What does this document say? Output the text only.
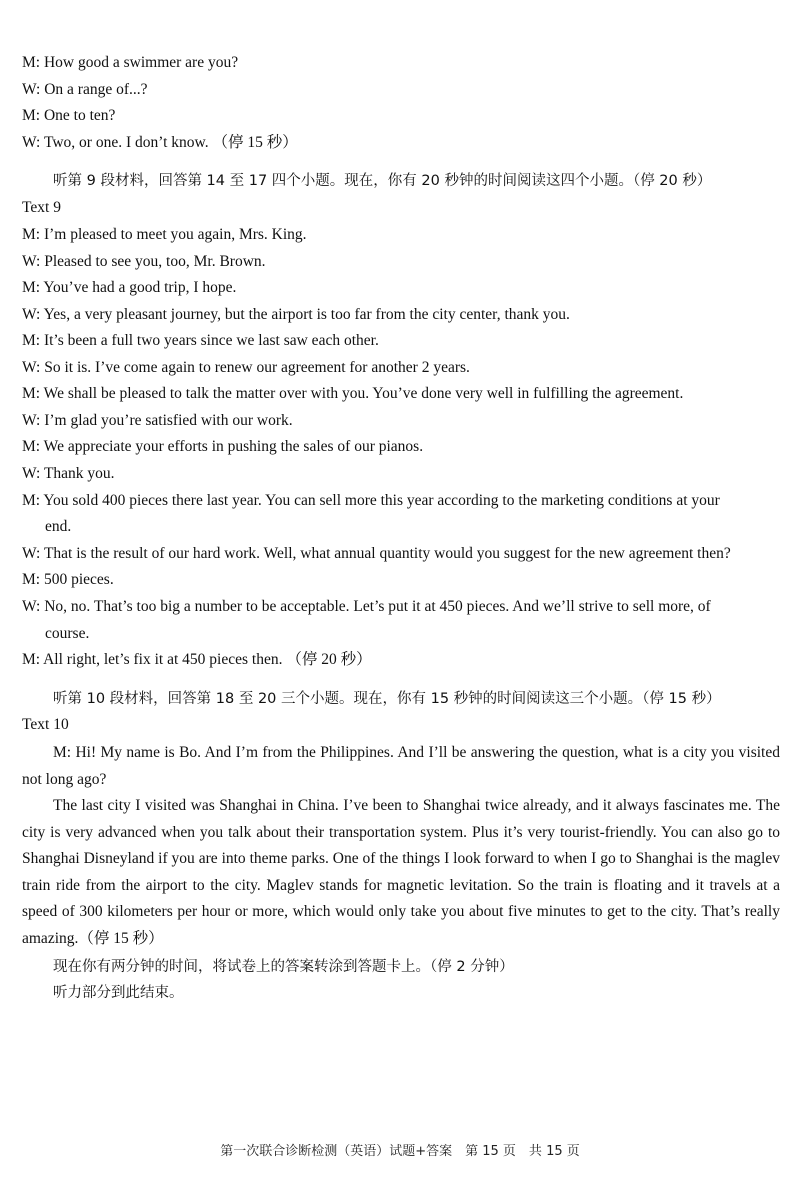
M: How good a swimmer are you?
W: On a range of...?
M: One to ten?
W: Two, or one. I don’t know. （停 15 秒）
听第 9 段材料，回答第 14 至 17 四个小题。现在，你有 20 秒钟的时间阅读这四个小题。（停 20 秒）
Text 9
M: I’m pleased to meet you again, Mrs. King.
W: Pleased to see you, too, Mr. Brown.
M: You’ve had a good trip, I hope.
W: Yes, a very pleasant journey, but the airport is too far from the city center, thank you.
M: It’s been a full two years since we last saw each other.
W: So it is. I’ve come again to renew our agreement for another 2 years.
M: We shall be pleased to talk the matter over with you. You’ve done very well in fulfilling the agreement.
W: I’m glad you’re satisfied with our work.
M: We appreciate your efforts in pushing the sales of our pianos.
W: Thank you.
M: You sold 400 pieces there last year. You can sell more this year according to the marketing conditions at your
end.
W: That is the result of our hard work. Well, what annual quantity would you suggest for the new agreement then?
M: 500 pieces.
W: No, no. That’s too big a number to be acceptable. Let’s put it at 450 pieces. And we’ll strive to sell more, of
course.
M: All right, let’s fix it at 450 pieces then. （停 20 秒）
听第 10 段材料，回答第 18 至 20 三个小题。现在，你有 15 秒钟的时间阅读这三个小题。（停 15 秒）
Text 10
M: Hi! My name is Bo. And I’m from the Philippines. And I’ll be answering the question, what is a city you visited not long ago?
The last city I visited was Shanghai in China. I’ve been to Shanghai twice already, and it always fascinates me. The city is very advanced when you talk about their transportation system. Plus it’s very tourist-friendly. You can also go to Shanghai Disneyland if you are into theme parks. One of the things I look forward to when I go to Shanghai is the maglev train ride from the airport to the city. Maglev stands for magnetic levitation. So the train is floating and it travels at a speed of 300 kilometers per hour or more, which would only take you about five minutes to get to the city. That’s really amazing.（停 15 秒）
现在你有两分钟的时间，将试卷上的答案转涂到答题卡上。（停 2 分钟）
听力部分到此结束。
第一次联合诊断检测（英语）试题+答案　第 15 页　共 15 页
